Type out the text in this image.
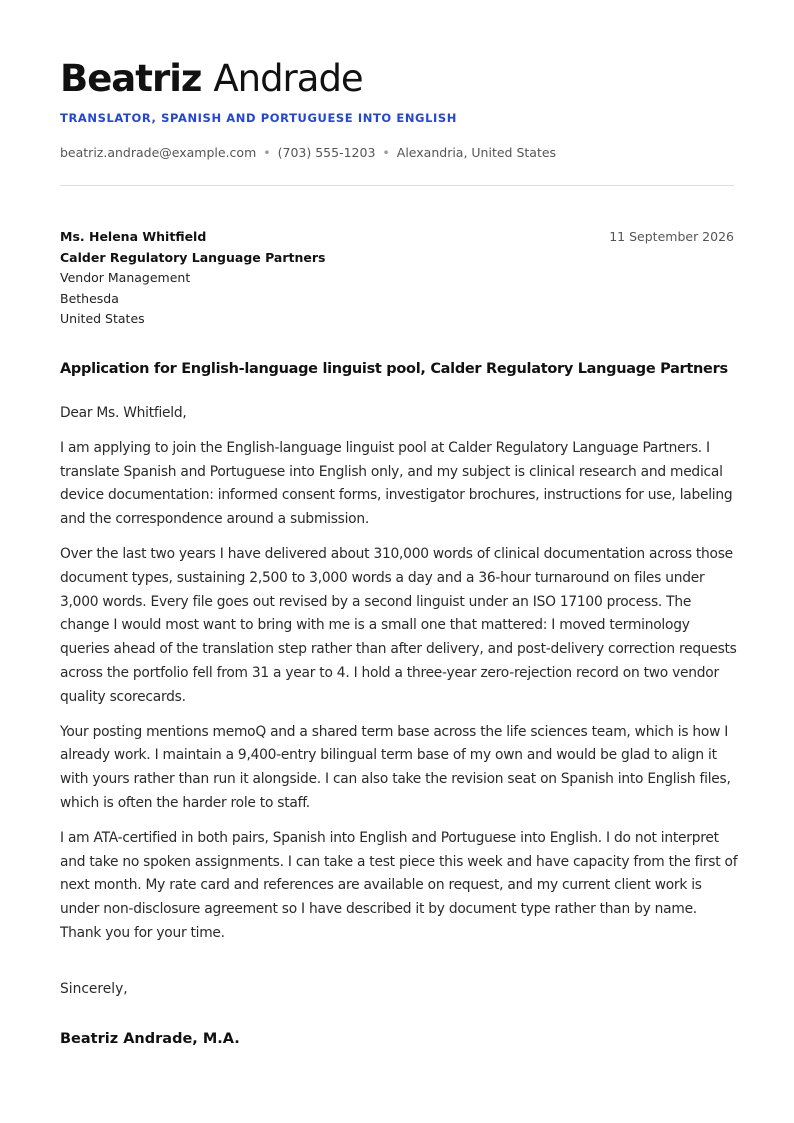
Beatriz Andrade
TRANSLATOR, SPANISH AND PORTUGUESE INTO ENGLISH
beatriz.andrade@example.com • (703) 555-1203 • Alexandria, United States
Ms. Helena Whitfield
Calder Regulatory Language Partners
Vendor Management
Bethesda
United States
11 September 2026
Application for English-language linguist pool, Calder Regulatory Language Partners

Dear Ms. Whitfield,

I am applying to join the English-language linguist pool at Calder Regulatory Language Partners. I translate Spanish and Portuguese into English only, and my subject is clinical research and medical device documentation: informed consent forms, investigator brochures, instructions for use, labeling and the correspondence around a submission.

Over the last two years I have delivered about 310,000 words of clinical documentation across those document types, sustaining 2,500 to 3,000 words a day and a 36-hour turnaround on files under 3,000 words. Every file goes out revised by a second linguist under an ISO 17100 process. The change I would most want to bring with me is a small one that mattered: I moved terminology queries ahead of the translation step rather than after delivery, and post-delivery correction requests across the portfolio fell from 31 a year to 4. I hold a three-year zero-rejection record on two vendor quality scorecards.

Your posting mentions memoQ and a shared term base across the life sciences team, which is how I already work. I maintain a 9,400-entry bilingual term base of my own and would be glad to align it with yours rather than run it alongside. I can also take the revision seat on Spanish into English files, which is often the harder role to staff.

I am ATA-certified in both pairs, Spanish into English and Portuguese into English. I do not interpret and take no spoken assignments. I can take a test piece this week and have capacity from the first of next month. My rate card and references are available on request, and my current client work is under non-disclosure agreement so I have described it by document type rather than by name. Thank you for your time.

Sincerely,
Beatriz Andrade, M.A.
